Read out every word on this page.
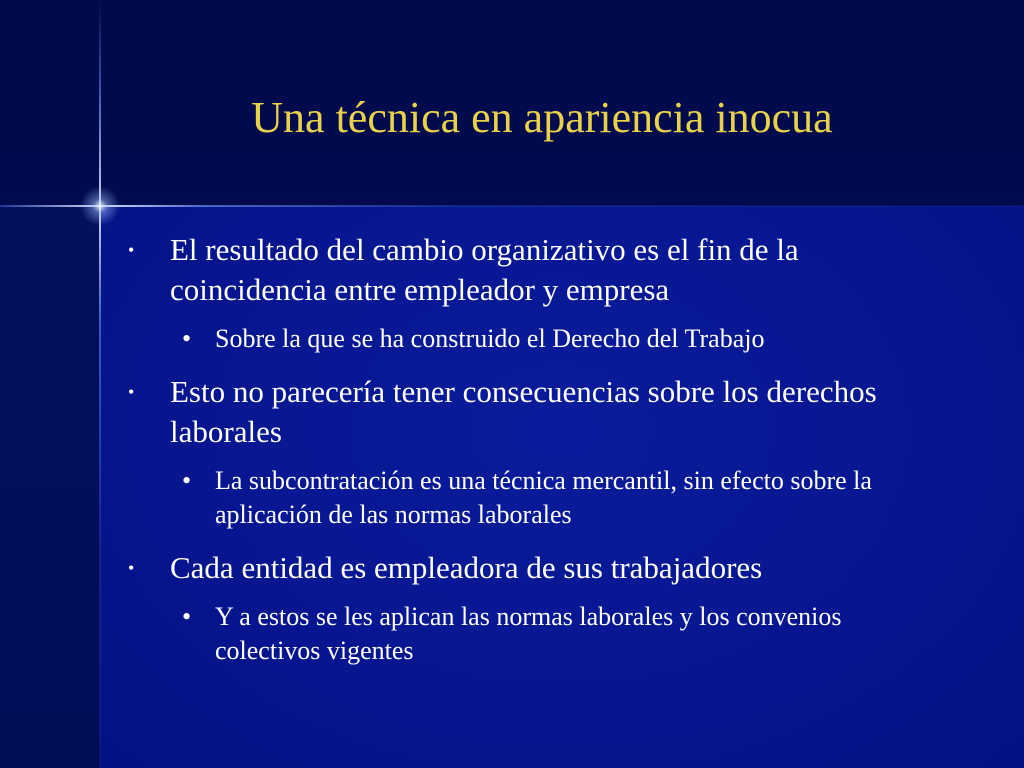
Una técnica en apariencia inocua
• El resultado del cambio organizativo es el fin de la coincidencia entre empleador y empresa
• Sobre la que se ha construido el Derecho del Trabajo
• Esto no parecería tener consecuencias sobre los derechos laborales
• La subcontratación es una técnica mercantil, sin efecto sobre la aplicación de las normas laborales
• Cada entidad es empleadora de sus trabajadores
• Y a estos se les aplican las normas laborales y los convenios colectivos vigentes
